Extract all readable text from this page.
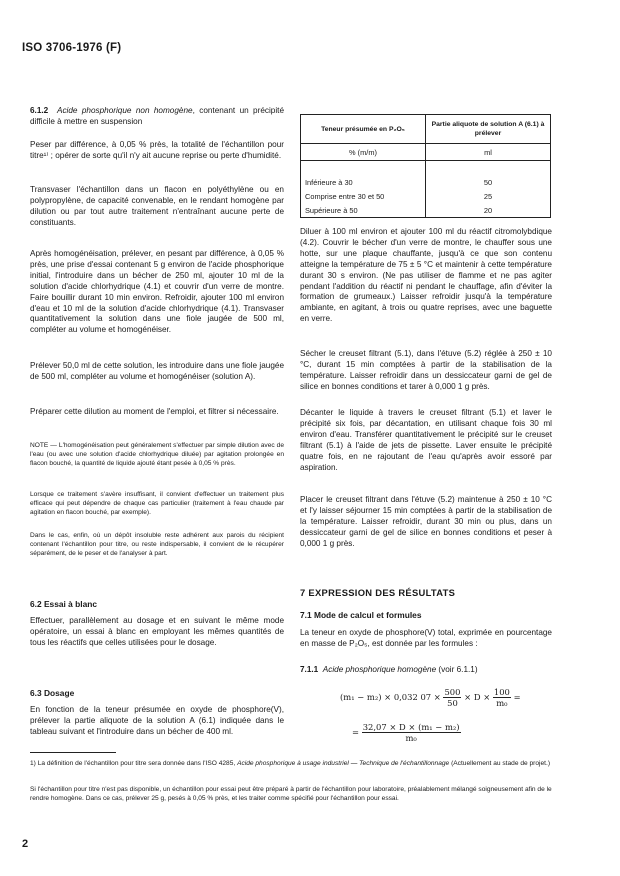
ISO 3706-1976 (F)

6.1.2 Acide phosphorique non homogène, contenant un précipité difficile à mettre en suspension

Peser par différence, à 0,05 % près, la totalité de l'échantillon pour titre¹⁾ ; opérer de sorte qu'il n'y ait aucune reprise ou perte d'humidité.

Transvaser l'échantillon dans un flacon en polyéthylène ou en polypropylène, de capacité convenable, en le rendant homogène par dilution ou par tout autre traitement n'entraînant aucune perte de constituants.

Après homogénéisation, prélever, en pesant par différence, à 0,05 % près, une prise d'essai contenant 5 g environ de l'acide phosphorique initial, l'introduire dans un bécher de 250 ml, ajouter 10 ml de la solution d'acide chlorhydrique (4.1) et couvrir d'un verre de montre. Faire bouillir durant 10 min environ. Refroidir, ajouter 100 ml environ d'eau et 10 ml de la solution d'acide chlorhydrique (4.1). Transvaser quantitativement la solution dans une fiole jaugée de 500 ml, compléter au volume et homogénéiser.

Prélever 50,0 ml de cette solution, les introduire dans une fiole jaugée de 500 ml, compléter au volume et homogénéiser (solution A).

Préparer cette dilution au moment de l'emploi, et filtrer si nécessaire.

NOTE — L'homogénéisation peut généralement s'effectuer par simple dilution avec de l'eau (ou avec une solution d'acide chlorhydrique diluée) par agitation prolongée en flacon bouché, la quantité de liquide ajouté étant pesée à 0,05 % près.

Lorsque ce traitement s'avère insuffisant, il convient d'effectuer un traitement plus efficace qui peut dépendre de chaque cas particulier (traitement à l'eau chaude par agitation en flacon bouché, par exemple).

Dans le cas, enfin, où un dépôt insoluble reste adhérent aux parois du récipient contenant l'échantillon pour titre, ou reste indispersable, il convient de le récupérer séparément, de le peser et de l'analyser à part.

6.2 Essai à blanc

Effectuer, parallèlement au dosage et en suivant le même mode opératoire, un essai à blanc en employant les mêmes quantités de tous les réactifs que celles utilisées pour le dosage.

6.3 Dosage

En fonction de la teneur présumée en oxyde de phosphore(V), prélever la partie aliquote de la solution A (6.1) indiquée dans le tableau suivant et l'introduire dans un bécher de 400 ml.

Teneur présumée en P₂O₅	Partie aliquote de solution A (6.1) à prélever
% (m/m)	ml

Inférieure à 30	50
Comprise entre 30 et 50	25
Supérieure à 50	20

Diluer à 100 ml environ et ajouter 100 ml du réactif citromolybdique (4.2). Couvrir le bécher d'un verre de montre, le chauffer sous une hotte, sur une plaque chauffante, jusqu'à ce que son contenu atteigne la température de 75 ± 5 °C et maintenir à cette température durant 30 s environ. (Ne pas utiliser de flamme et ne pas agiter pendant l'addition du réactif ni pendant le chauffage, afin d'éviter la formation de grumeaux.) Laisser refroidir jusqu'à la température ambiante, en agitant, à trois ou quatre reprises, avec une baguette en verre.

Sécher le creuset filtrant (5.1), dans l'étuve (5.2) réglée à 250 ± 10 °C, durant 15 min comptées à partir de la stabilisation de la température. Laisser refroidir dans un dessiccateur garni de gel de silice en bonnes conditions et tarer à 0,000 1 g près.

Décanter le liquide à travers le creuset filtrant (5.1) et laver le précipité six fois, par décantation, en utilisant chaque fois 30 ml environ d'eau. Transférer quantitativement le précipité sur le creuset filtrant (5.1) à l'aide de jets de pissette. Laver ensuite le précipité quatre fois, en ne rajoutant de l'eau qu'après avoir essoré par aspiration.

Placer le creuset filtrant dans l'étuve (5.2) maintenue à 250 ± 10 °C et l'y laisser séjourner 15 min comptées à partir de la stabilisation de la température. Laisser refroidir, durant 30 min ou plus, dans un dessiccateur garni de gel de silice en bonnes conditions et peser à 0,000 1 g près.

7 EXPRESSION DES RÉSULTATS
7.1 Mode de calcul et formules

La teneur en oxyde de phosphore(V) total, exprimée en pourcentage en masse de P₂O₅, est donnée par les formules :

7.1.1 Acide phosphorique homogène (voir 6.1.1)
(m₁ − m₂) × 0,032 $07 \times \frac{500}{50} \times D \times \frac{100}{\text{m₀}}$ =
= $\frac{\text{32,07 × D × (m₁ − m₂)}}{\text{m₀}}$
1) La définition de l'échantillon pour titre sera donnée dans l'ISO 4285, Acide phosphorique à usage industriel — Technique de l'échantillonnage (Actuellement au stade de projet.)
Si l'échantillon pour titre n'est pas disponible, un échantillon pour essai peut être préparé à partir de l'échantillon pour laboratoire, préalablement mélangé soigneusement afin de le rendre homogène. Dans ce cas, prélever 25 g, pesés à 0,05 % près, et les traiter comme spécifié pour l'échantillon pour essai.
2
